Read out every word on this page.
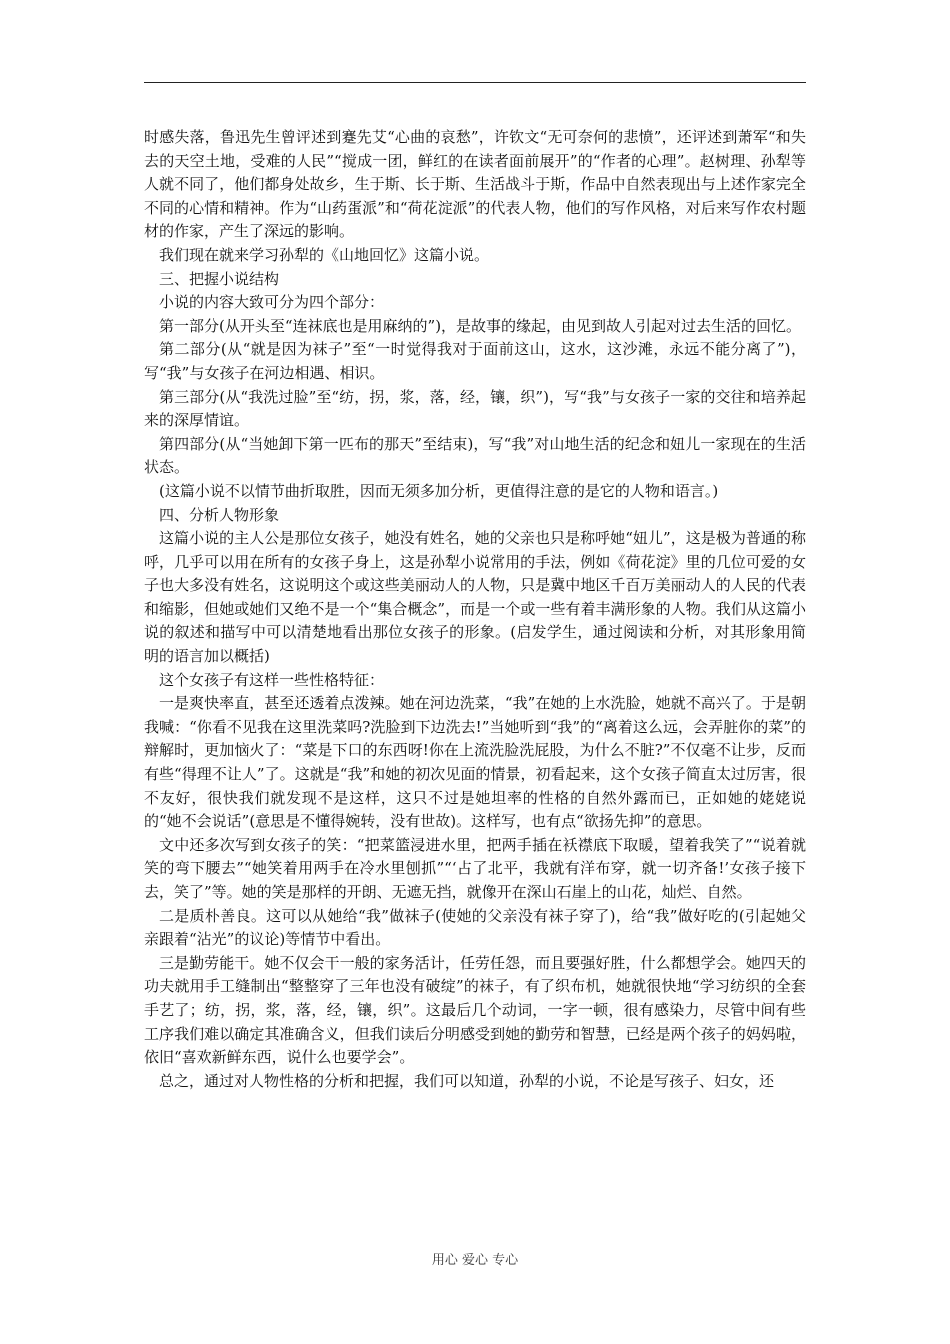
时感失落，鲁迅先生曾评述到蹇先艾“心曲的哀愁”，许钦文“无可奈何的悲愤”，还评述到萧军“和失去的天空土地，受难的人民”“搅成一团，鲜红的在读者面前展开”的“作者的心理”。赵树理、孙犁等人就不同了，他们都身处故乡，生于斯、长于斯、生活战斗于斯，作品中自然表现出与上述作家完全不同的心情和精神。作为“山药蛋派”和“荷花淀派”的代表人物，他们的写作风格，对后来写作农村题材的作家，产生了深远的影响。

我们现在就来学习孙犁的《山地回忆》这篇小说。

三、把握小说结构

小说的内容大致可分为四个部分：

第一部分(从开头至“连袜底也是用麻纳的”)，是故事的缘起，由见到故人引起对过去生活的回忆。

第二部分(从“就是因为袜子”至“一时觉得我对于面前这山，这水，这沙滩，永远不能分离了”)，写“我”与女孩子在河边相遇、相识。

第三部分(从“我洗过脸”至“纺，拐，浆，落，经，镶，织”)，写“我”与女孩子一家的交往和培养起来的深厚情谊。

第四部分(从“当她卸下第一匹布的那天”至结束)，写“我”对山地生活的纪念和妞儿一家现在的生活状态。

(这篇小说不以情节曲折取胜，因而无须多加分析，更值得注意的是它的人物和语言。)

四、分析人物形象

这篇小说的主人公是那位女孩子，她没有姓名，她的父亲也只是称呼她“妞儿”，这是极为普通的称呼，几乎可以用在所有的女孩子身上，这是孙犁小说常用的手法，例如《荷花淀》里的几位可爱的女子也大多没有姓名，这说明这个或这些美丽动人的人物，只是冀中地区千百万美丽动人的人民的代表和缩影，但她或她们又绝不是一个“集合概念”，而是一个或一些有着丰满形象的人物。我们从这篇小说的叙述和描写中可以清楚地看出那位女孩子的形象。(启发学生，通过阅读和分析，对其形象用简明的语言加以概括)

这个女孩子有这样一些性格特征：

一是爽快率直，甚至还透着点泼辣。她在河边洗菜，“我”在她的上水洗脸，她就不高兴了。于是朝我喊：“你看不见我在这里洗菜吗?洗脸到下边洗去!”当她听到“我”的“离着这么远，会弄脏你的菜”的辩解时，更加恼火了：“菜是下口的东西呀!你在上流洗脸洗屁股，为什么不脏?”不仅毫不让步，反而有些“得理不让人”了。这就是“我”和她的初次见面的情景，初看起来，这个女孩子简直太过厉害，很不友好，很快我们就发现不是这样，这只不过是她坦率的性格的自然外露而已，正如她的姥姥说的“她不会说话”(意思是不懂得婉转，没有世故)。这样写，也有点“欲扬先抑”的意思。

文中还多次写到女孩子的笑：“把菜篮浸进水里，把两手插在袄襟底下取暖，望着我笑了”“说着就笑的弯下腰去”“她笑着用两手在冷水里刨抓”“‘占了北平，我就有洋布穿，就一切齐备!’女孩子接下去，笑了”等。她的笑是那样的开朗、无遮无挡，就像开在深山石崖上的山花，灿烂、自然。

二是质朴善良。这可以从她给“我”做袜子(使她的父亲没有袜子穿了)，给“我”做好吃的(引起她父亲跟着“沾光”的议论)等情节中看出。

三是勤劳能干。她不仅会干一般的家务活计，任劳任怨，而且要强好胜，什么都想学会。她四天的功夫就用手工缝制出“整整穿了三年也没有破绽”的袜子，有了织布机，她就很快地“学习纺织的全套手艺了；纺，拐，浆，落，经，镶，织”。这最后几个动词，一字一顿，很有感染力，尽管中间有些工序我们难以确定其准确含义，但我们读后分明感受到她的勤劳和智慧，已经是两个孩子的妈妈啦，依旧“喜欢新鲜东西，说什么也要学会”。

总之，通过对人物性格的分析和把握，我们可以知道，孙犁的小说，不论是写孩子、妇女，还

用心 爱心 专心
